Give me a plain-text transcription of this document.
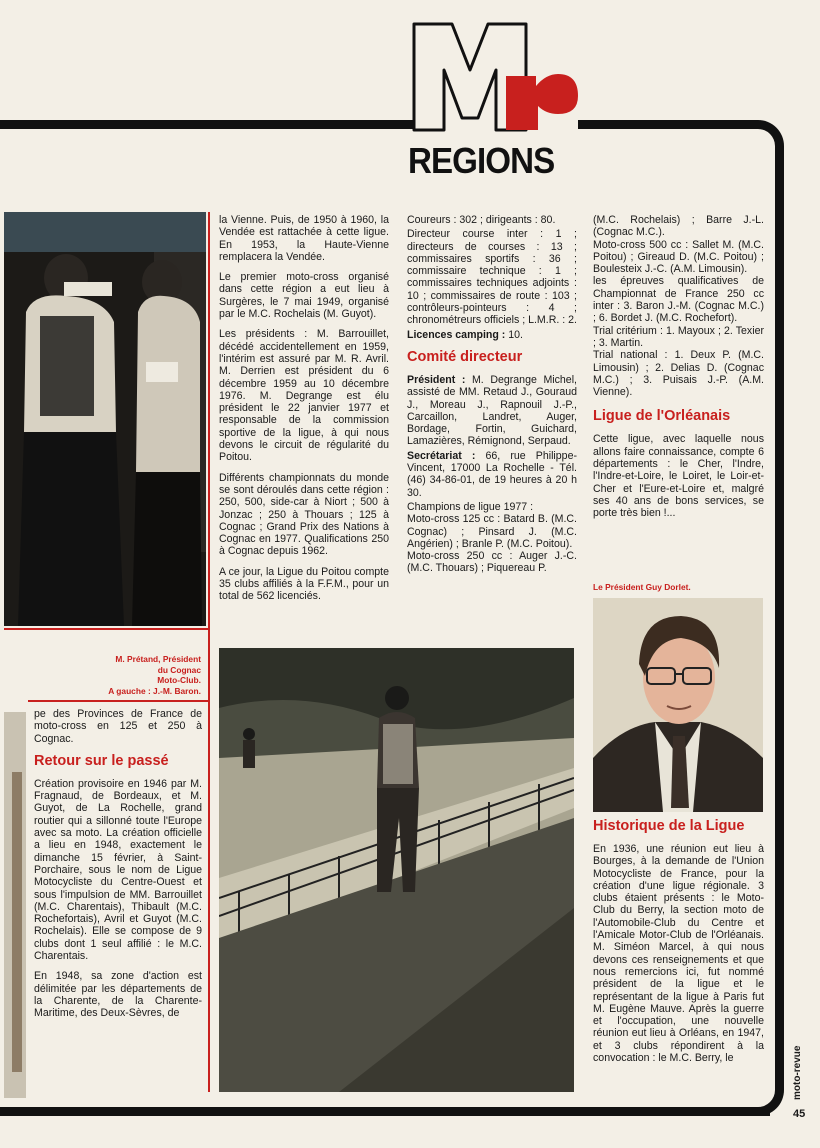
REGIONS
M. Prétand, Président
du Cognac
Moto-Club.
A gauche : J.-M. Baron.

pe des Provinces de France de moto-cross en 125 et 250 à Cognac.

Retour sur le passé

Création provisoire en 1946 par M. Fragnaud, de Bordeaux, et M. Guyot, de La Rochelle, grand routier qui a sillonné toute l'Europe avec sa moto. La création officielle a lieu en 1948, exactement le dimanche 15 février, à Saint-Porchaire, sous le nom de Ligue Motocycliste du Centre-Ouest et sous l'impulsion de MM. Barrouillet (M.C. Charentais), Thibault (M.C. Rochefortais), Avril et Guyot (M.C. Rochelais). Elle se compose de 9 clubs dont 1 seul affilié : le M.C. Charentais.

En 1948, sa zone d'action est délimitée par les départements de la Charente, de la Charente-Maritime, des Deux-Sèvres, de

la Vienne. Puis, de 1950 à 1960, la Vendée est rattachée à cette ligue. En 1953, la Haute-Vienne remplacera la Vendée.

Le premier moto-cross organisé dans cette région a eut lieu à Surgères, le 7 mai 1949, organisé par le M.C. Rochelais (M. Guyot).

Les présidents : M. Barrouillet, décédé accidentellement en 1959, l'intérim est assuré par M. R. Avril. M. Derrien est président du 6 décembre 1959 au 10 décembre 1976. M. Degrange est élu président le 22 janvier 1977 et responsable de la commission sportive de la ligue, à qui nous devons le circuit de régularité du Poitou.

Différents championnats du monde se sont déroulés dans cette région : 250, 500, side-car à Niort ; 500 à Jonzac ; 250 à Thouars ; 125 à Cognac ; Grand Prix des Nations à Cognac en 1977. Qualifications 250 à Cognac depuis 1962.

A ce jour, la Ligue du Poitou compte 35 clubs affiliés à la F.F.M., pour un total de 562 licenciés.

Coureurs : 302 ; dirigeants : 80.

Directeur course inter : 1 ; directeurs de courses : 13 ; commissaires sportifs : 36 ; commissaire technique : 1 ; commissaires techniques adjoints : 10 ; commissaires de route : 103 ; contrôleurs-pointeurs : 4 ; chronométreurs officiels ; L.M.R. : 2.

Licences camping : 10.

Comité directeur

Président : M. Degrange Michel, assisté de MM. Retaud J., Gouraud J., Moreau J., Rapnouil J.-P., Carcaillon, Landret, Auger, Bordage, Fortin, Guichard, Lamazières, Rémignond, Serpaud.

Secrétariat : 66, rue Philippe-Vincent, 17000 La Rochelle - Tél. (46) 34-86-01, de 19 heures à 20 h 30.

Champions de ligue 1977 :

Moto-cross 125 cc : Batard B. (M.C. Cognac) ; Pinsard J. (M.C. Angérien) ; Branle P. (M.C. Poitou).

Moto-cross 250 cc : Auger J.-C. (M.C. Thouars) ; Piquereau P.

(M.C. Rochelais) ; Barre J.-L. (Cognac M.C.).

Moto-cross 500 cc : Sallet M. (M.C. Poitou) ; Gireaud D. (M.C. Poitou) ; Boulesteix J.-C. (A.M. Limousin).

les épreuves qualificatives de Championnat de France 250 cc inter : 3. Baron J.-M. (Cognac M.C.) ; 6. Bordet J. (M.C. Rochefort).

Trial critérium : 1. Mayoux ; 2. Texier ; 3. Martin.

Trial national : 1. Deux P. (M.C. Limousin) ; 2. Delias D. (Cognac M.C.) ; 3. Puisais J.-P. (A.M. Vienne).

Ligue de l'Orléanais

Cette ligue, avec laquelle nous allons faire connaissance, compte 6 départements : le Cher, l'Indre, l'Indre-et-Loire, le Loiret, le Loir-et-Cher et l'Eure-et-Loire et, malgré ses 40 ans de bons services, se porte très bien !...

Le Président Guy Dorlet.
Historique de la Ligue

En 1936, une réunion eut lieu à Bourges, à la demande de l'Union Motocycliste de France, pour la création d'une ligue régionale. 3 clubs étaient présents : le Moto-Club du Berry, la section moto de l'Automobile-Club du Centre et l'Amicale Motor-Club de l'Orléanais. M. Siméon Marcel, à qui nous devons ces renseignements et que nous remercions ici, fut nommé président de la ligue et le représentant de la ligue à Paris fut M. Eugène Mauve. Après la guerre et l'occupation, une nouvelle réunion eut lieu à Orléans, en 1947, et 3 clubs répondirent à la convocation : le M.C. Berry, le	moto-revue
45
